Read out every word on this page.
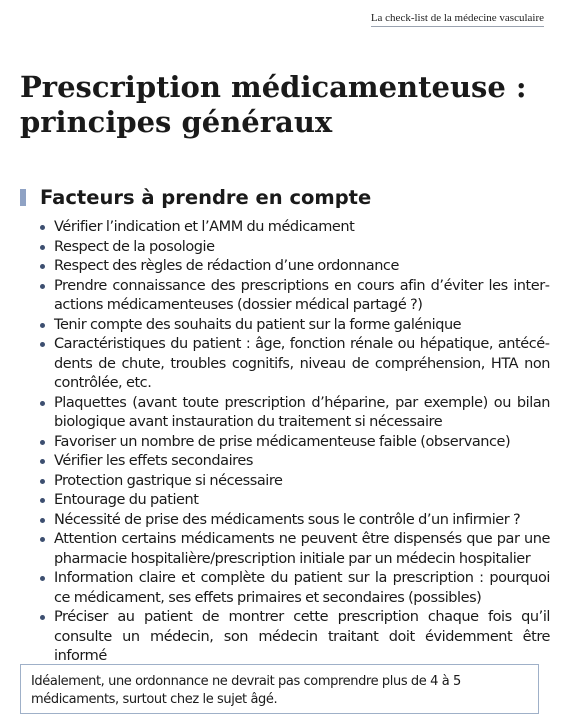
La check-list de la médecine vasculaire
Prescription médicamenteuse :
principes généraux
Facteurs à prendre en compte
Vérifier l’indication et l’AMM du médicament
Respect de la posologie
Respect des règles de rédaction d’une ordonnance
Prendre connaissance des prescriptions en cours afin d’éviter les interactions médicamenteuses (dossier médical partagé ?)
Tenir compte des souhaits du patient sur la forme galénique
Caractéristiques du patient : âge, fonction rénale ou hépatique, antécédents de chute, troubles cognitifs, niveau de compréhension, HTA non contrôlée, etc.
Plaquettes (avant toute prescription d’héparine, par exemple) ou bilan biologique avant instauration du traitement si nécessaire
Favoriser un nombre de prise médicamenteuse faible (observance)
Vérifier les effets secondaires
Protection gastrique si nécessaire
Entourage du patient
Nécessité de prise des médicaments sous le contrôle d’un infirmier ?
Attention certains médicaments ne peuvent être dispensés que par une pharmacie hospitalière/prescription initiale par un médecin hospitalier
Information claire et complète du patient sur la prescription : pourquoi ce médicament, ses effets primaires et secondaires (possibles)
Préciser au patient de montrer cette prescription chaque fois qu’il consulte un médecin, son médecin traitant doit évidemment être informé
Idéalement, une ordonnance ne devrait pas comprendre plus de 4 à 5 médicaments, surtout chez le sujet âgé.
